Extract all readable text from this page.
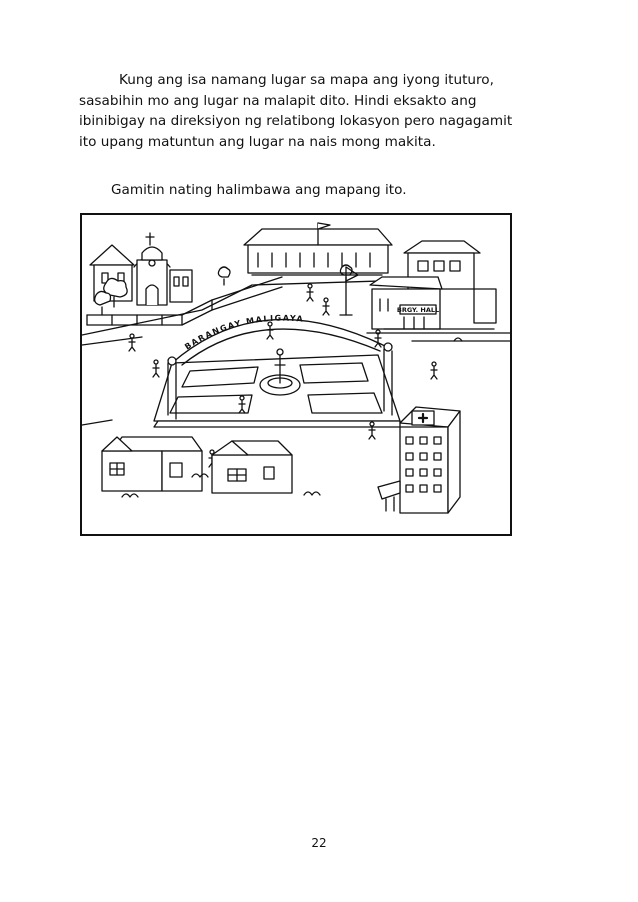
Kung ang isa namang lugar sa mapa ang iyong ituturo,
sasabihin mo ang lugar na malapit dito. Hindi eksakto ang
ibinibigay na direksiyon ng relatibong lokasyon pero nagagamit
ito upang matuntun ang lugar na nais mong makita.
Gamitin nating halimbawa ang mapang ito.
BRGY. HALL
BARANGAY MALIGAYA
22
